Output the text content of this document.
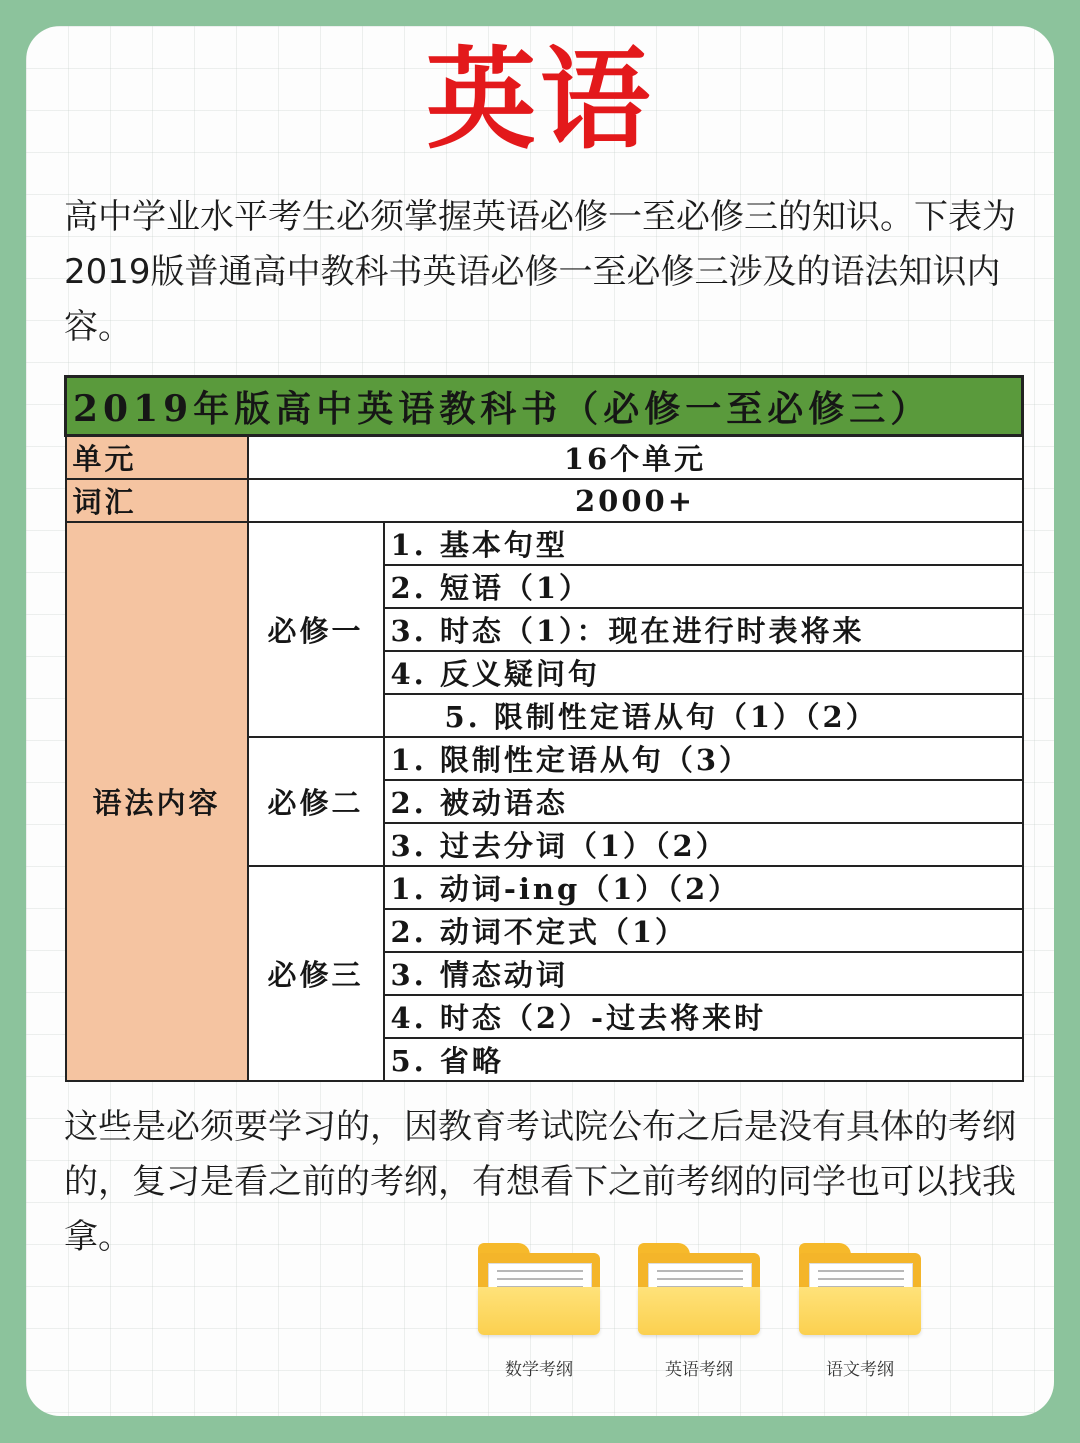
英语
高中学业水平考生必须掌握英语必修一至必修三的知识。下表为2019版普通高中教科书英语必修一至必修三涉及的语法知识内容。
2019年版高中英语教科书（必修一至必修三）		
单元	16个单元	
词汇	2000+	
语法内容	必修一	1. 基本句型
		2. 短语（1）
		3. 时态（1）：现在进行时表将来
		4. 反义疑问句
		5. 限制性定语从句（1）（2）
	必修二	1. 限制性定语从句（3）
		2. 被动语态
		3. 过去分词（1）（2）
	必修三	1. 动词-ing（1）（2）
		2. 动词不定式（1）
		3. 情态动词
		4. 时态（2）-过去将来时
		5. 省略
这些是必须要学习的，因教育考试院公布之后是没有具体的考纲的，复习是看之前的考纲，有想看下之前考纲的同学也可以找我拿。
数学考纲	英语考纲	语文考纲
